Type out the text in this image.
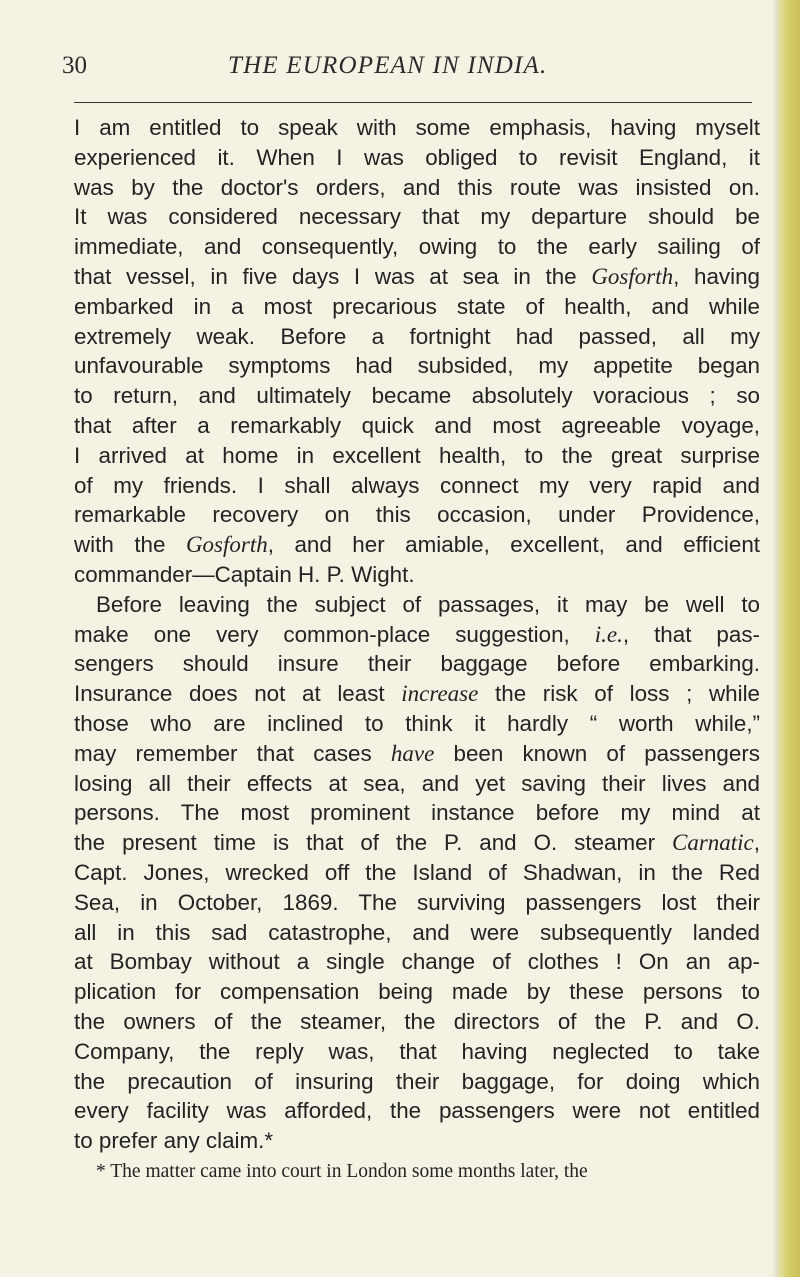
30	THE EUROPEAN IN INDIA.
I am entitled to speak with some emphasis, having myselt
experienced it. When I was obliged to revisit England, it
was by the doctor's orders, and this route was insisted on.
It was considered necessary that my departure should be
immediate, and consequently, owing to the early sailing of
that vessel, in five days I was at sea in the Gosforth, having
embarked in a most precarious state of health, and while
extremely weak. Before a fortnight had passed, all my
unfavourable symptoms had subsided, my appetite began
to return, and ultimately became absolutely voracious ; so
that after a remarkably quick and most agreeable voyage,
I arrived at home in excellent health, to the great surprise
of my friends. I shall always connect my very rapid and
remarkable recovery on this occasion, under Providence,
with the Gosforth, and her amiable, excellent, and efficient
commander—Captain H. P. Wight.
Before leaving the subject of passages, it may be well to
make one very common-place suggestion, i.e., that pas-
sengers should insure their baggage before embarking.
Insurance does not at least increase the risk of loss ; while
those who are inclined to think it hardly “ worth while,”
may remember that cases have been known of passengers
losing all their effects at sea, and yet saving their lives and
persons. The most prominent instance before my mind at
the present time is that of the P. and O. steamer Carnatic,
Capt. Jones, wrecked off the Island of Shadwan, in the Red
Sea, in October, 1869. The surviving passengers lost their
all in this sad catastrophe, and were subsequently landed
at Bombay without a single change of clothes ! On an ap-
plication for compensation being made by these persons to
the owners of the steamer, the directors of the P. and O.
Company, the reply was, that having neglected to take
the precaution of insuring their baggage, for doing which
every facility was afforded, the passengers were not entitled
to prefer any claim.*
* The matter came into court in London some months later, the
